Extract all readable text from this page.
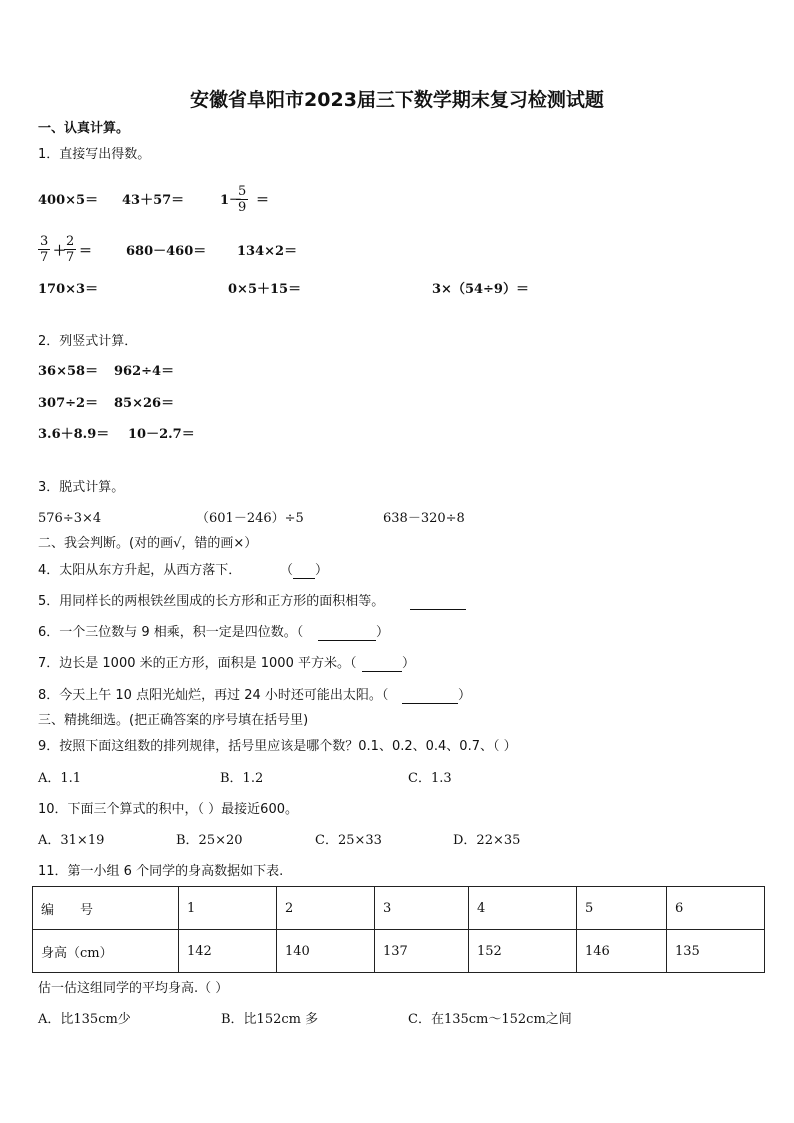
安徽省阜阳市2023届三下数学期末复习检测试题
一、认真计算。
1．直接写出得数。
400×5＝ 43＋57＝	1－
5
9 ＝
3
7 ＋
2
7 ＝	680－460＝ 134×2＝
170×3＝	0×5＋15＝	3×（54÷9）＝
2．列竖式计算．
36×58＝ 962÷4＝
307÷2＝ 85×26＝
3.6＋8.9＝ 10－2.7＝
3．脱式计算。
576÷3×4	（601－246）÷5	638－320÷8
二、我会判断。(对的画√，错的画×）
4．太阳从东方升起，从西方落下．	（ ）
5．用同样长的两根铁丝围成的长方形和正方形的面积相等。
6．一个三位数与 9 相乘，积一定是四位数。（	）
7．边长是 1000 米的正方形，面积是 1000 平方米。（	）
8．今天上午 10 点阳光灿烂，再过 24 小时还可能出太阳。（	）
三、精挑细选。(把正确答案的序号填在括号里)
9．按照下面这组数的排列规律，括号里应该是哪个数？0.1、0.2、0.4、0.7、（ ）
A．1.1	B．1.2	C．1.3
10．下面三个算式的积中，（ ）最接近600。
A．31×19	B．25×20	C．25×33	D．22×35
11．第一小组 6 个同学的身高数据如下表.
编　　号	1	2	3	4	5	6
身高（cm）	142	140	137	152	146	135
估一估这组同学的平均身高.（ ）
A．比135cm少	B．比152cm 多	C．在135cm～152cm之间
